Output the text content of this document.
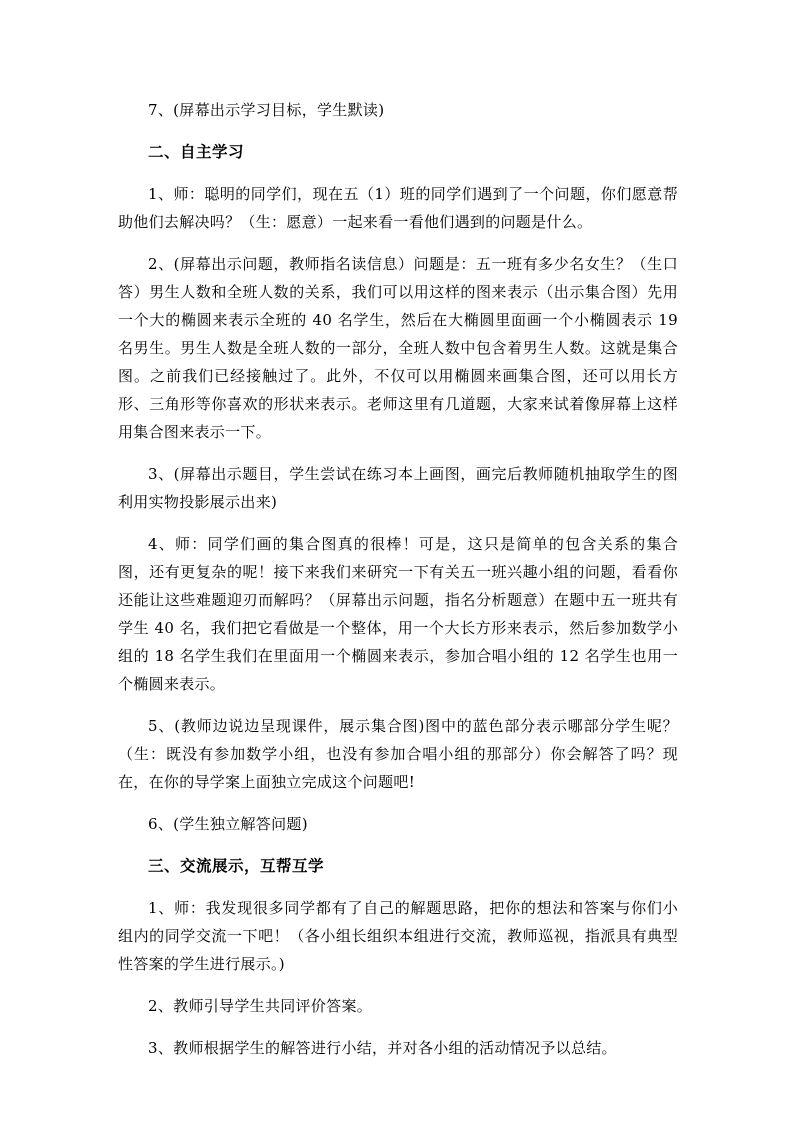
7、(屏幕出示学习目标，学生默读)

二、自主学习

1、师：聪明的同学们，现在五（1）班的同学们遇到了一个问题，你们愿意帮助他们去解决吗？（生：愿意）一起来看一看他们遇到的问题是什么。

2、(屏幕出示问题，教师指名读信息）问题是：五一班有多少名女生？（生口答）男生人数和全班人数的关系，我们可以用这样的图来表示（出示集合图）先用一个大的椭圆来表示全班的 40 名学生，然后在大椭圆里面画一个小椭圆表示 19 名男生。男生人数是全班人数的一部分，全班人数中包含着男生人数。这就是集合图。之前我们已经接触过了。此外，不仅可以用椭圆来画集合图，还可以用长方形、三角形等你喜欢的形状来表示。老师这里有几道题，大家来试着像屏幕上这样用集合图来表示一下。

3、(屏幕出示题目，学生尝试在练习本上画图，画完后教师随机抽取学生的图利用实物投影展示出来)

4、师：同学们画的集合图真的很棒！可是，这只是简单的包含关系的集合图，还有更复杂的呢！接下来我们来研究一下有关五一班兴趣小组的问题，看看你还能让这些难题迎刃而解吗？（屏幕出示问题，指名分析题意）在题中五一班共有学生 40 名，我们把它看做是一个整体，用一个大长方形来表示，然后参加数学小组的 18 名学生我们在里面用一个椭圆来表示，参加合唱小组的 12 名学生也用一个椭圆来表示。

5、(教师边说边呈现课件，展示集合图)图中的蓝色部分表示哪部分学生呢？（生：既没有参加数学小组，也没有参加合唱小组的那部分）你会解答了吗？现在，在你的导学案上面独立完成这个问题吧!

6、(学生独立解答问题)

三、交流展示，互帮互学

1、师：我发现很多同学都有了自己的解题思路，把你的想法和答案与你们小组内的同学交流一下吧！（各小组长组织本组进行交流，教师巡视，指派具有典型性答案的学生进行展示。)

2、教师引导学生共同评价答案。

3、教师根据学生的解答进行小结，并对各小组的活动情况予以总结。
